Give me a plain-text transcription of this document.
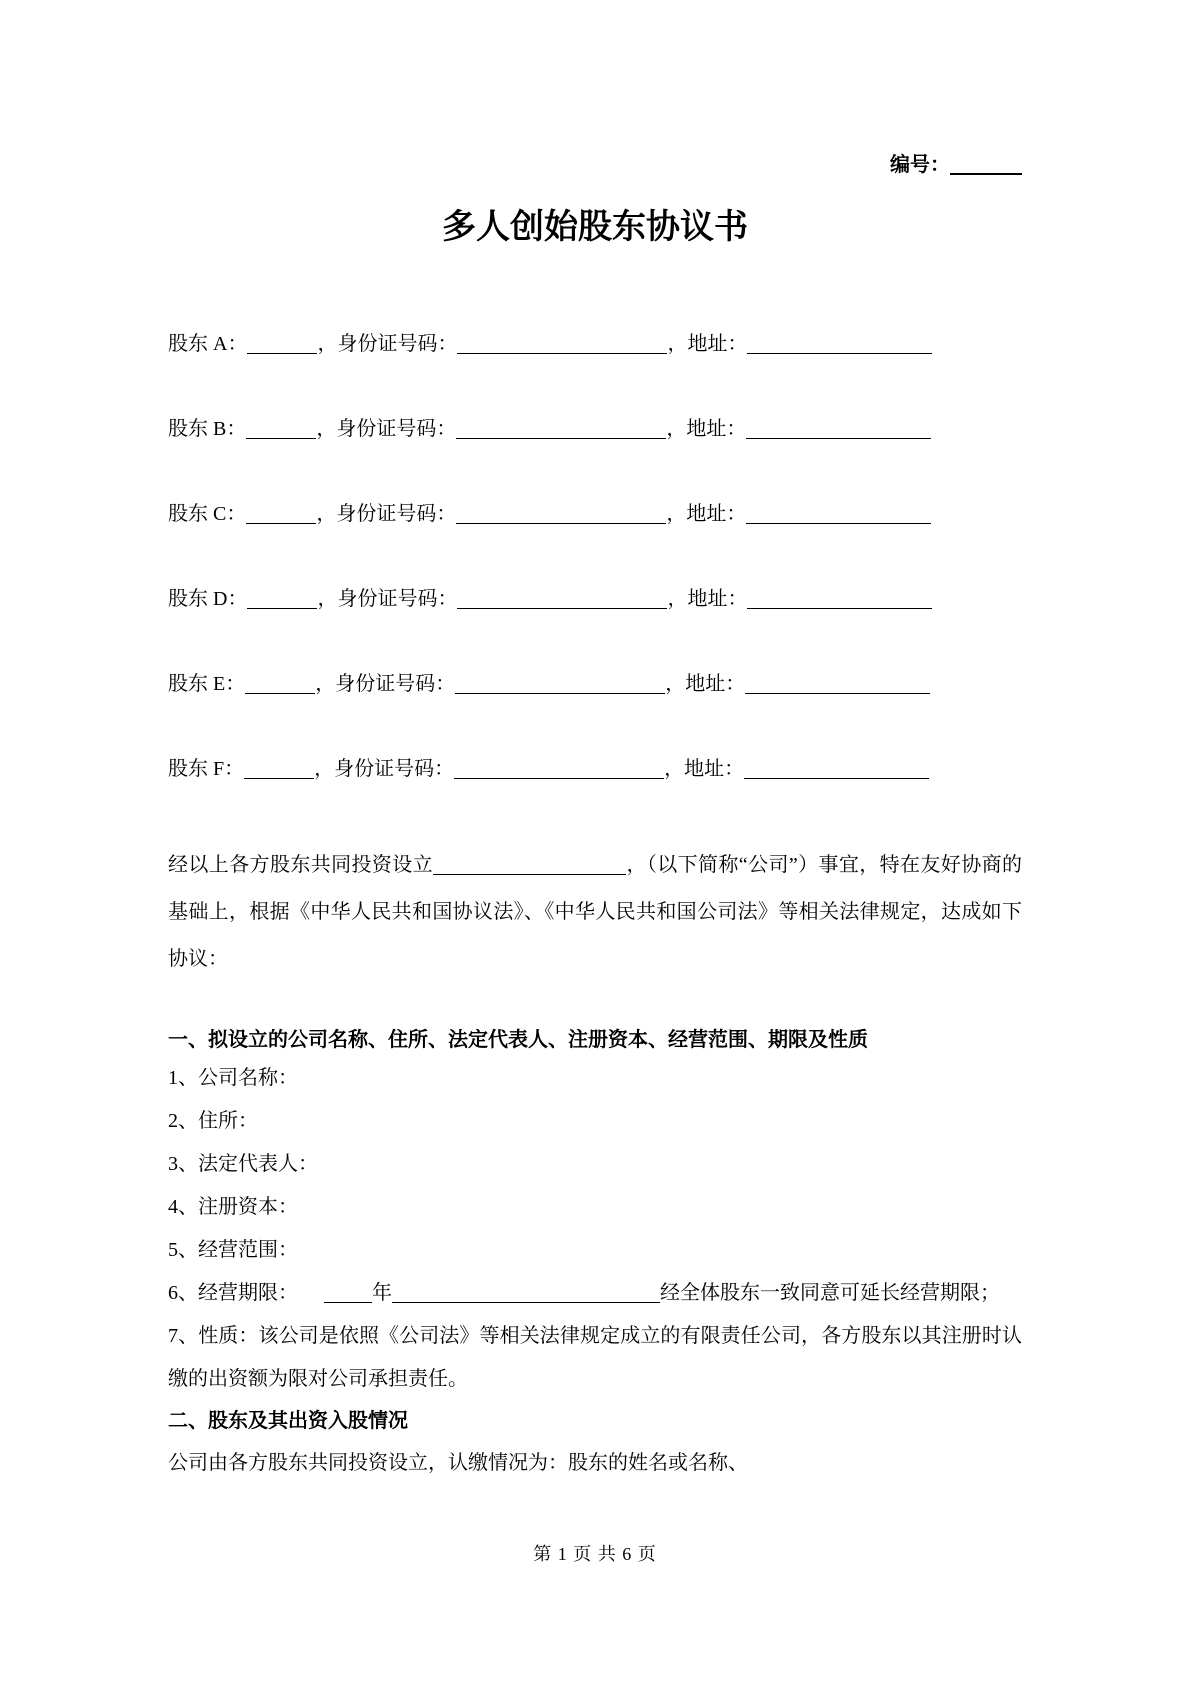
编号：
多人创始股东协议书
股东 A：	，身份证号码：	，地址：
股东 B：	，身份证号码：	，地址：
股东 C：	，身份证号码：	，地址：
股东 D：	，身份证号码：	，地址：
股东 E：	，身份证号码：	，地址：
股东 F：	，身份证号码：	，地址：
经以上各方股东共同投资设立	，（以下简称“公司”）事宜，特在友好协商的基础上，根据《中华人民共和国协议法》、《中华人民共和国公司法》等相关法律规定，达成如下协议：
一、拟设立的公司名称、住所、法定代表人、注册资本、经营范围、期限及性质
1、公司名称：
2、住所：
3、法定代表人：
4、注册资本：
5、经营范围：
6、经营期限：	年	经全体股东一致同意可延长经营期限；
7、性质：该公司是依照《公司法》等相关法律规定成立的有限责任公司，各方股东以其注册时认缴的出资额为限对公司承担责任。
二、股东及其出资入股情况
公司由各方股东共同投资设立，认缴情况为：股东的姓名或名称、
第 1 页 共 6 页
